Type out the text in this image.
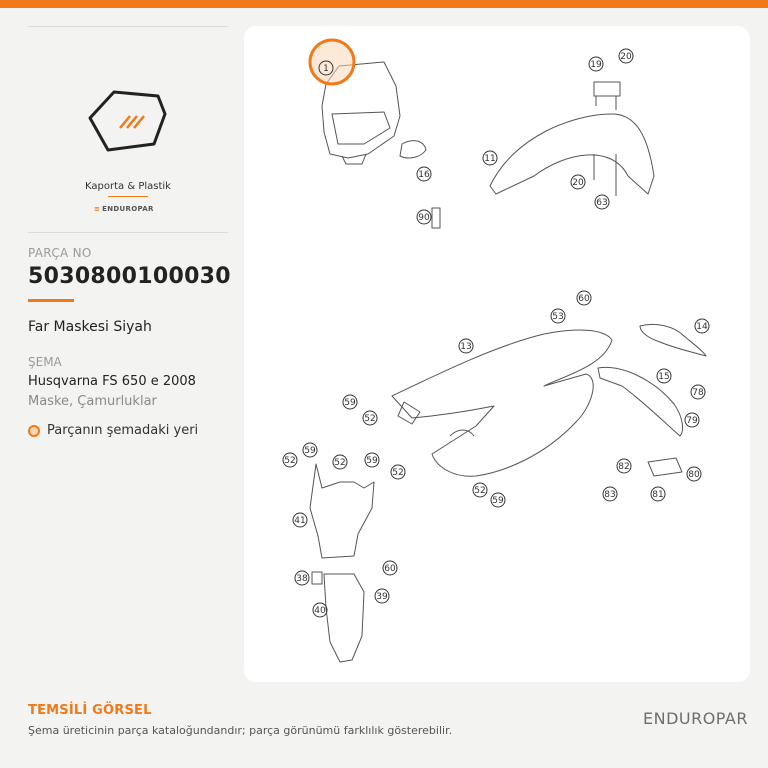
Kaporta & Plastik
≡ ENDUROPAR
PARÇA NO
5030800100030
Far Maskesi Siyah
ŞEMA
Husqvarna FS 650 e 2008
Maske, Çamurluklar
Parçanın şemadaki yeri
1
16
90
19
20
11
20
63
60
53
13
14
15
78
79
59
52
52
59
52 59
52
41
82
83
80
81
52
59
38
60
39
40
TEMSİLİ GÖRSEL
Şema üreticinin parça kataloğundandır; parça görünümü farklılık gösterebilir.
ENDUROPAR
